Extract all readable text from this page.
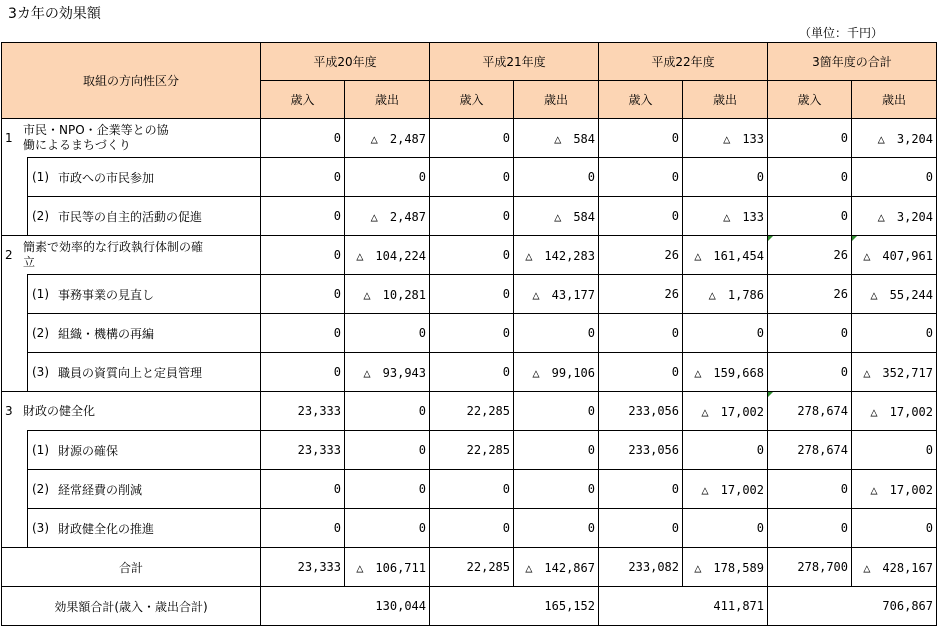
3カ年の効果額
（単位：千円）
取組の方向性区分		平成20年度		平成21年度		平成22年度		3箇年度の合計	
		歳入	歳出	歳入	歳出	歳入	歳出	歳入	歳出

1
市民・NPO・企業等との協働によるまちづくり		0	△　2,487	0	△　584	0	△　133	0	△　3,204

	(1) 市政への市民参加	0	0	0	0	0	0	0	0

	(2) 市民等の自主的活動の促進	0	△　2,487	0	△　584	0	△　133	0	△　3,204

2
簡素で効率的な行政執行体制の確立		0	△　104,224	0	△　142,283	26	△　161,454	26	△　407,961

	(1) 事務事業の見直し	0	△　10,281	0	△　43,177	26	△　1,786	26	△　55,244

	(2) 組織・機構の再編	0	0	0	0	0	0	0	0

	(3) 職員の資質向上と定員管理	0	△　93,943	0	△　99,106	0	△　159,668	0	△　352,717

3 財政の健全化		23,333	0	22,285	0	233,056	△　17,002	278,674	△　17,002

	(1) 財源の確保	23,333	0	22,285	0	233,056	0	278,674	0

	(2) 経常経費の削減	0	0	0	0	0	△　17,002	0	△　17,002

	(3) 財政健全化の推進	0	0	0	0	0	0	0	0
合計		23,333	△　106,711	22,285	△　142,867	233,082	△　178,589	278,700	△　428,167
効果額合計(歳入・歳出合計)		130,044		165,152		411,871		706,867	
